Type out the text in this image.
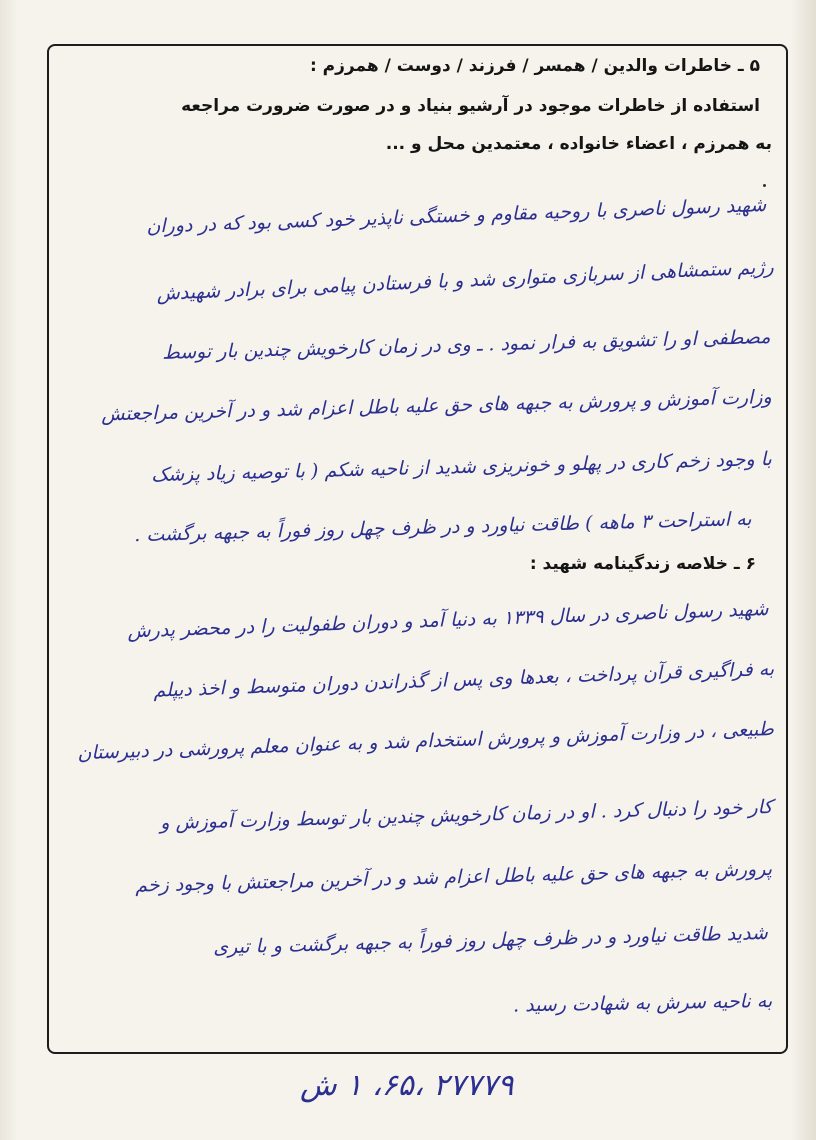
۵ ـ خاطرات والدین / همسر / فرزند / دوست / همرزم :
استفاده از خاطرات موجود در آرشیو بنیاد و در صورت ضرورت مراجعه
به همرزم ، اعضاء خانواده ، معتمدین محل و ...
شهید رسول ناصری با روحیه مقاوم و خستگی ناپذیر خود کسی بود که در دوران
رژیم ستمشاهی از سربازی متواری شد و با فرستادن پیامی برای برادر شهیدش
مصطفی او را تشویق به فرار نمود . ـ وی در زمان کارخویش چندین بار توسط
وزارت آموزش و پرورش به جبهه های حق علیه باطل اعزام شد و در آخرین مراجعتش
با وجود زخم کاری در پهلو و خونریزی شدید از ناحیه شکم ( با توصیه زیاد پزشک
به استراحت ۳ ماهه ) طاقت نیاورد و در ظرف چهل روز فوراً به جبهه برگشت .
۶ ـ خلاصه زندگینامه شهید :
شهید رسول ناصری در سال ۱۳۳۹ به دنیا آمد و دوران طفولیت را در محضر پدرش
به فراگیری قرآن پرداخت ، بعدها وی پس از گذراندن دوران متوسط و اخذ دیپلم
طبیعی ، در وزارت آموزش و پرورش استخدام شد و به عنوان معلم پرورشی در دبیرستان
کار خود را دنبال کرد . او در زمان کارخویش چندین بار توسط وزارت آموزش و
پرورش به جبهه های حق علیه باطل اعزام شد و در آخرین مراجعتش با وجود زخم
شدید طاقت نیاورد و در ظرف چهل روز فوراً به جبهه برگشت و با تیری
به ناحیه سرش به شهادت رسید .
۲۷۷۷۹ ،۶۵، ۱ ش
